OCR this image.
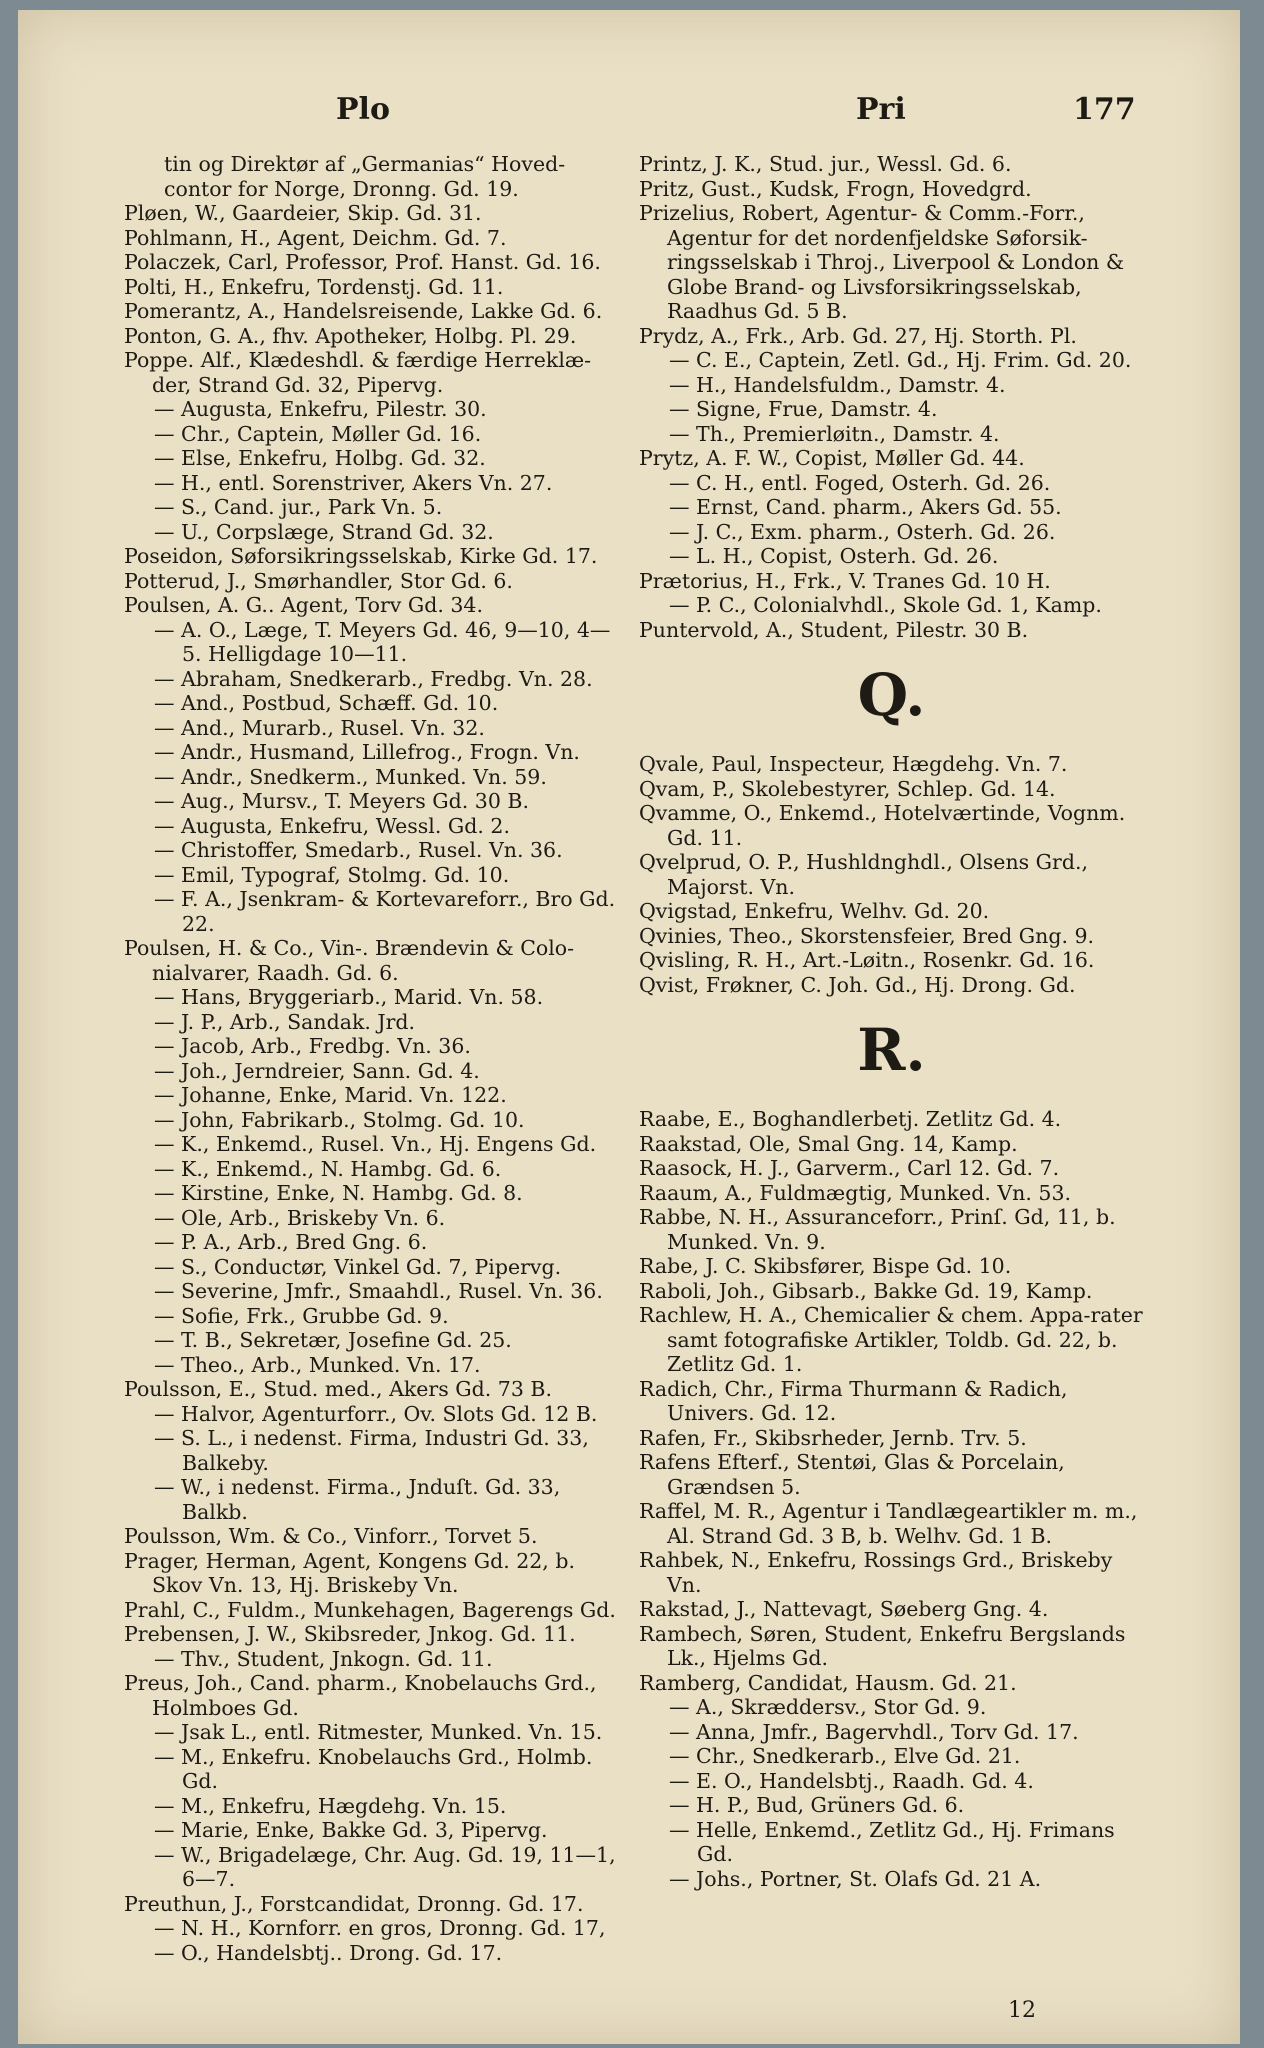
Plo	Pri	177
tin og Direktør af „Germanias“ Hoved-
contor for Norge, Dronng. Gd. 19.
Pløen, W., Gaardeier, Skip. Gd. 31.
Pohlmann, H., Agent, Deichm. Gd. 7.
Polaczek, Carl, Professor, Prof. Hanst. Gd. 16.
Polti, H., Enkefru, Tordenstj. Gd. 11.
Pomerantz, A., Handelsreisende, Lakke Gd. 6.
Ponton, G. A., fhv. Apotheker, Holbg. Pl. 29.
Poppe. Alf., Klædeshdl. & færdige Herreklæ-der, Strand Gd. 32, Pipervg.
— Augusta, Enkefru, Pilestr. 30.
— Chr., Captein, Møller Gd. 16.
— Else, Enkefru, Holbg. Gd. 32.
— H., entl. Sorenstriver, Akers Vn. 27.
— S., Cand. jur., Park Vn. 5.
— U., Corpslæge, Strand Gd. 32.
Poseidon, Søforsikringsselskab, Kirke Gd. 17.
Potterud, J., Smørhandler, Stor Gd. 6.
Poulsen, A. G.. Agent, Torv Gd. 34.
— A. O., Læge, T. Meyers Gd. 46, 9—10, 4—5. Helligdage 10—11.
— Abraham, Snedkerarb., Fredbg. Vn. 28.
— And., Postbud, Schæff. Gd. 10.
— And., Murarb., Rusel. Vn. 32.
— Andr., Husmand, Lillefrog., Frogn. Vn.
— Andr., Snedkerm., Munked. Vn. 59.
— Aug., Mursv., T. Meyers Gd. 30 B.
— Augusta, Enkefru, Wessl. Gd. 2.
— Christoffer, Smedarb., Rusel. Vn. 36.
— Emil, Typograf, Stolmg. Gd. 10.
— F. A., Jsenkram- & Kortevareforr., Bro Gd. 22.
Poulsen, H. & Co., Vin-. Brændevin & Colo-nialvarer, Raadh. Gd. 6.
— Hans, Bryggeriarb., Marid. Vn. 58.
— J. P., Arb., Sandak. Jrd.
— Jacob, Arb., Fredbg. Vn. 36.
— Joh., Jerndreier, Sann. Gd. 4.
— Johanne, Enke, Marid. Vn. 122.
— John, Fabrikarb., Stolmg. Gd. 10.
— K., Enkemd., Rusel. Vn., Hj. Engens Gd.
— K., Enkemd., N. Hambg. Gd. 6.
— Kirstine, Enke, N. Hambg. Gd. 8.
— Ole, Arb., Briskeby Vn. 6.
— P. A., Arb., Bred Gng. 6.
— S., Conductør, Vinkel Gd. 7, Pipervg.
— Severine, Jmfr., Smaahdl., Rusel. Vn. 36.
— Sofie, Frk., Grubbe Gd. 9.
— T. B., Sekretær, Josefine Gd. 25.
— Theo., Arb., Munked. Vn. 17.
Poulsson, E., Stud. med., Akers Gd. 73 B.
— Halvor, Agenturforr., Ov. Slots Gd. 12 B.
— S. L., i nedenst. Firma, Industri Gd. 33, Balkeby.
— W., i nedenst. Firma., Jnduſt. Gd. 33, Balkb.
Poulsson, Wm. & Co., Vinforr., Torvet 5.
Prager, Herman, Agent, Kongens Gd. 22, b. Skov Vn. 13, Hj. Briskeby Vn.
Prahl, C., Fuldm., Munkehagen, Bagerengs Gd.
Prebensen, J. W., Skibsreder, Jnkog. Gd. 11.
— Thv., Student, Jnkogn. Gd. 11.
Preus, Joh., Cand. pharm., Knobelauchs Grd., Holmboes Gd.
— Jsak L., entl. Ritmester, Munked. Vn. 15.
— M., Enkefru. Knobelauchs Grd., Holmb. Gd.
— M., Enkefru, Hægdehg. Vn. 15.
— Marie, Enke, Bakke Gd. 3, Pipervg.
— W., Brigadelæge, Chr. Aug. Gd. 19, 11—1, 6—7.
Preuthun, J., Forstcandidat, Dronng. Gd. 17.
— N. H., Kornforr. en gros, Dronng. Gd. 17,
— O., Handelsbtj.. Drong. Gd. 17.
Printz, J. K., Stud. jur., Wessl. Gd. 6.
Pritz, Gust., Kudsk, Frogn, Hovedgrd.
Prizelius, Robert, Agentur- & Comm.-Forr., Agentur for det nordenfjeldske Søforsik-ringsselskab i Throj., Liverpool & London & Globe Brand- og Livsforsikringsselskab, Raadhus Gd. 5 B.
Prydz, A., Frk., Arb. Gd. 27, Hj. Storth. Pl.
— C. E., Captein, Zetl. Gd., Hj. Frim. Gd. 20.
— H., Handelsfuldm., Damstr. 4.
— Signe, Frue, Damstr. 4.
— Th., Premierløitn., Damstr. 4.
Prytz, A. F. W., Copist, Møller Gd. 44.
— C. H., entl. Foged, Osterh. Gd. 26.
— Ernst, Cand. pharm., Akers Gd. 55.
— J. C., Exm. pharm., Osterh. Gd. 26.
— L. H., Copist, Osterh. Gd. 26.
Prætorius, H., Frk., V. Tranes Gd. 10 H.
— P. C., Colonialvhdl., Skole Gd. 1, Kamp.
Puntervold, A., Student, Pilestr. 30 B.
Q.
Qvale, Paul, Inspecteur, Hægdehg. Vn. 7.
Qvam, P., Skolebestyrer, Schlep. Gd. 14.
Qvamme, O., Enkemd., Hotelværtinde, Vognm. Gd. 11.
Qvelprud, O. P., Hushldnghdl., Olsens Grd., Majorst. Vn.
Qvigstad, Enkefru, Welhv. Gd. 20.
Qvinies, Theo., Skorstensfeier, Bred Gng. 9.
Qvisling, R. H., Art.-Løitn., Rosenkr. Gd. 16.
Qvist, Frøkner, C. Joh. Gd., Hj. Drong. Gd.
R.
Raabe, E., Boghandlerbetj. Zetlitz Gd. 4.
Raakstad, Ole, Smal Gng. 14, Kamp.
Raasock, H. J., Garverm., Carl 12. Gd. 7.
Raaum, A., Fuldmægtig, Munked. Vn. 53.
Rabbe, N. H., Assuranceforr., Prinſ. Gd, 11, b. Munked. Vn. 9.
Rabe, J. C. Skibsfører, Bispe Gd. 10.
Raboli, Joh., Gibsarb., Bakke Gd. 19, Kamp.
Rachlew, H. A., Chemicalier & chem. Appa-rater samt fotografiske Artikler, Toldb. Gd. 22, b. Zetlitz Gd. 1.
Radich, Chr., Firma Thurmann & Radich, Univers. Gd. 12.
Rafen, Fr., Skibsrheder, Jernb. Trv. 5.
Rafens Efterf., Stentøi, Glas & Porcelain, Grændsen 5.
Raffel, M. R., Agentur i Tandlægeartikler m. m., Al. Strand Gd. 3 B, b. Welhv. Gd. 1 B.
Rahbek, N., Enkefru, Rossings Grd., Briskeby Vn.
Rakstad, J., Nattevagt, Søeberg Gng. 4.
Rambech, Søren, Student, Enkefru Bergslands Lk., Hjelms Gd.
Ramberg, Candidat, Hausm. Gd. 21.
— A., Skræddersv., Stor Gd. 9.
— Anna, Jmfr., Bagervhdl., Torv Gd. 17.
— Chr., Snedkerarb., Elve Gd. 21.
— E. O., Handelsbtj., Raadh. Gd. 4.
— H. P., Bud, Grüners Gd. 6.
— Helle, Enkemd., Zetlitz Gd., Hj. Frimans Gd.
— Johs., Portner, St. Olafs Gd. 21 A.
12
